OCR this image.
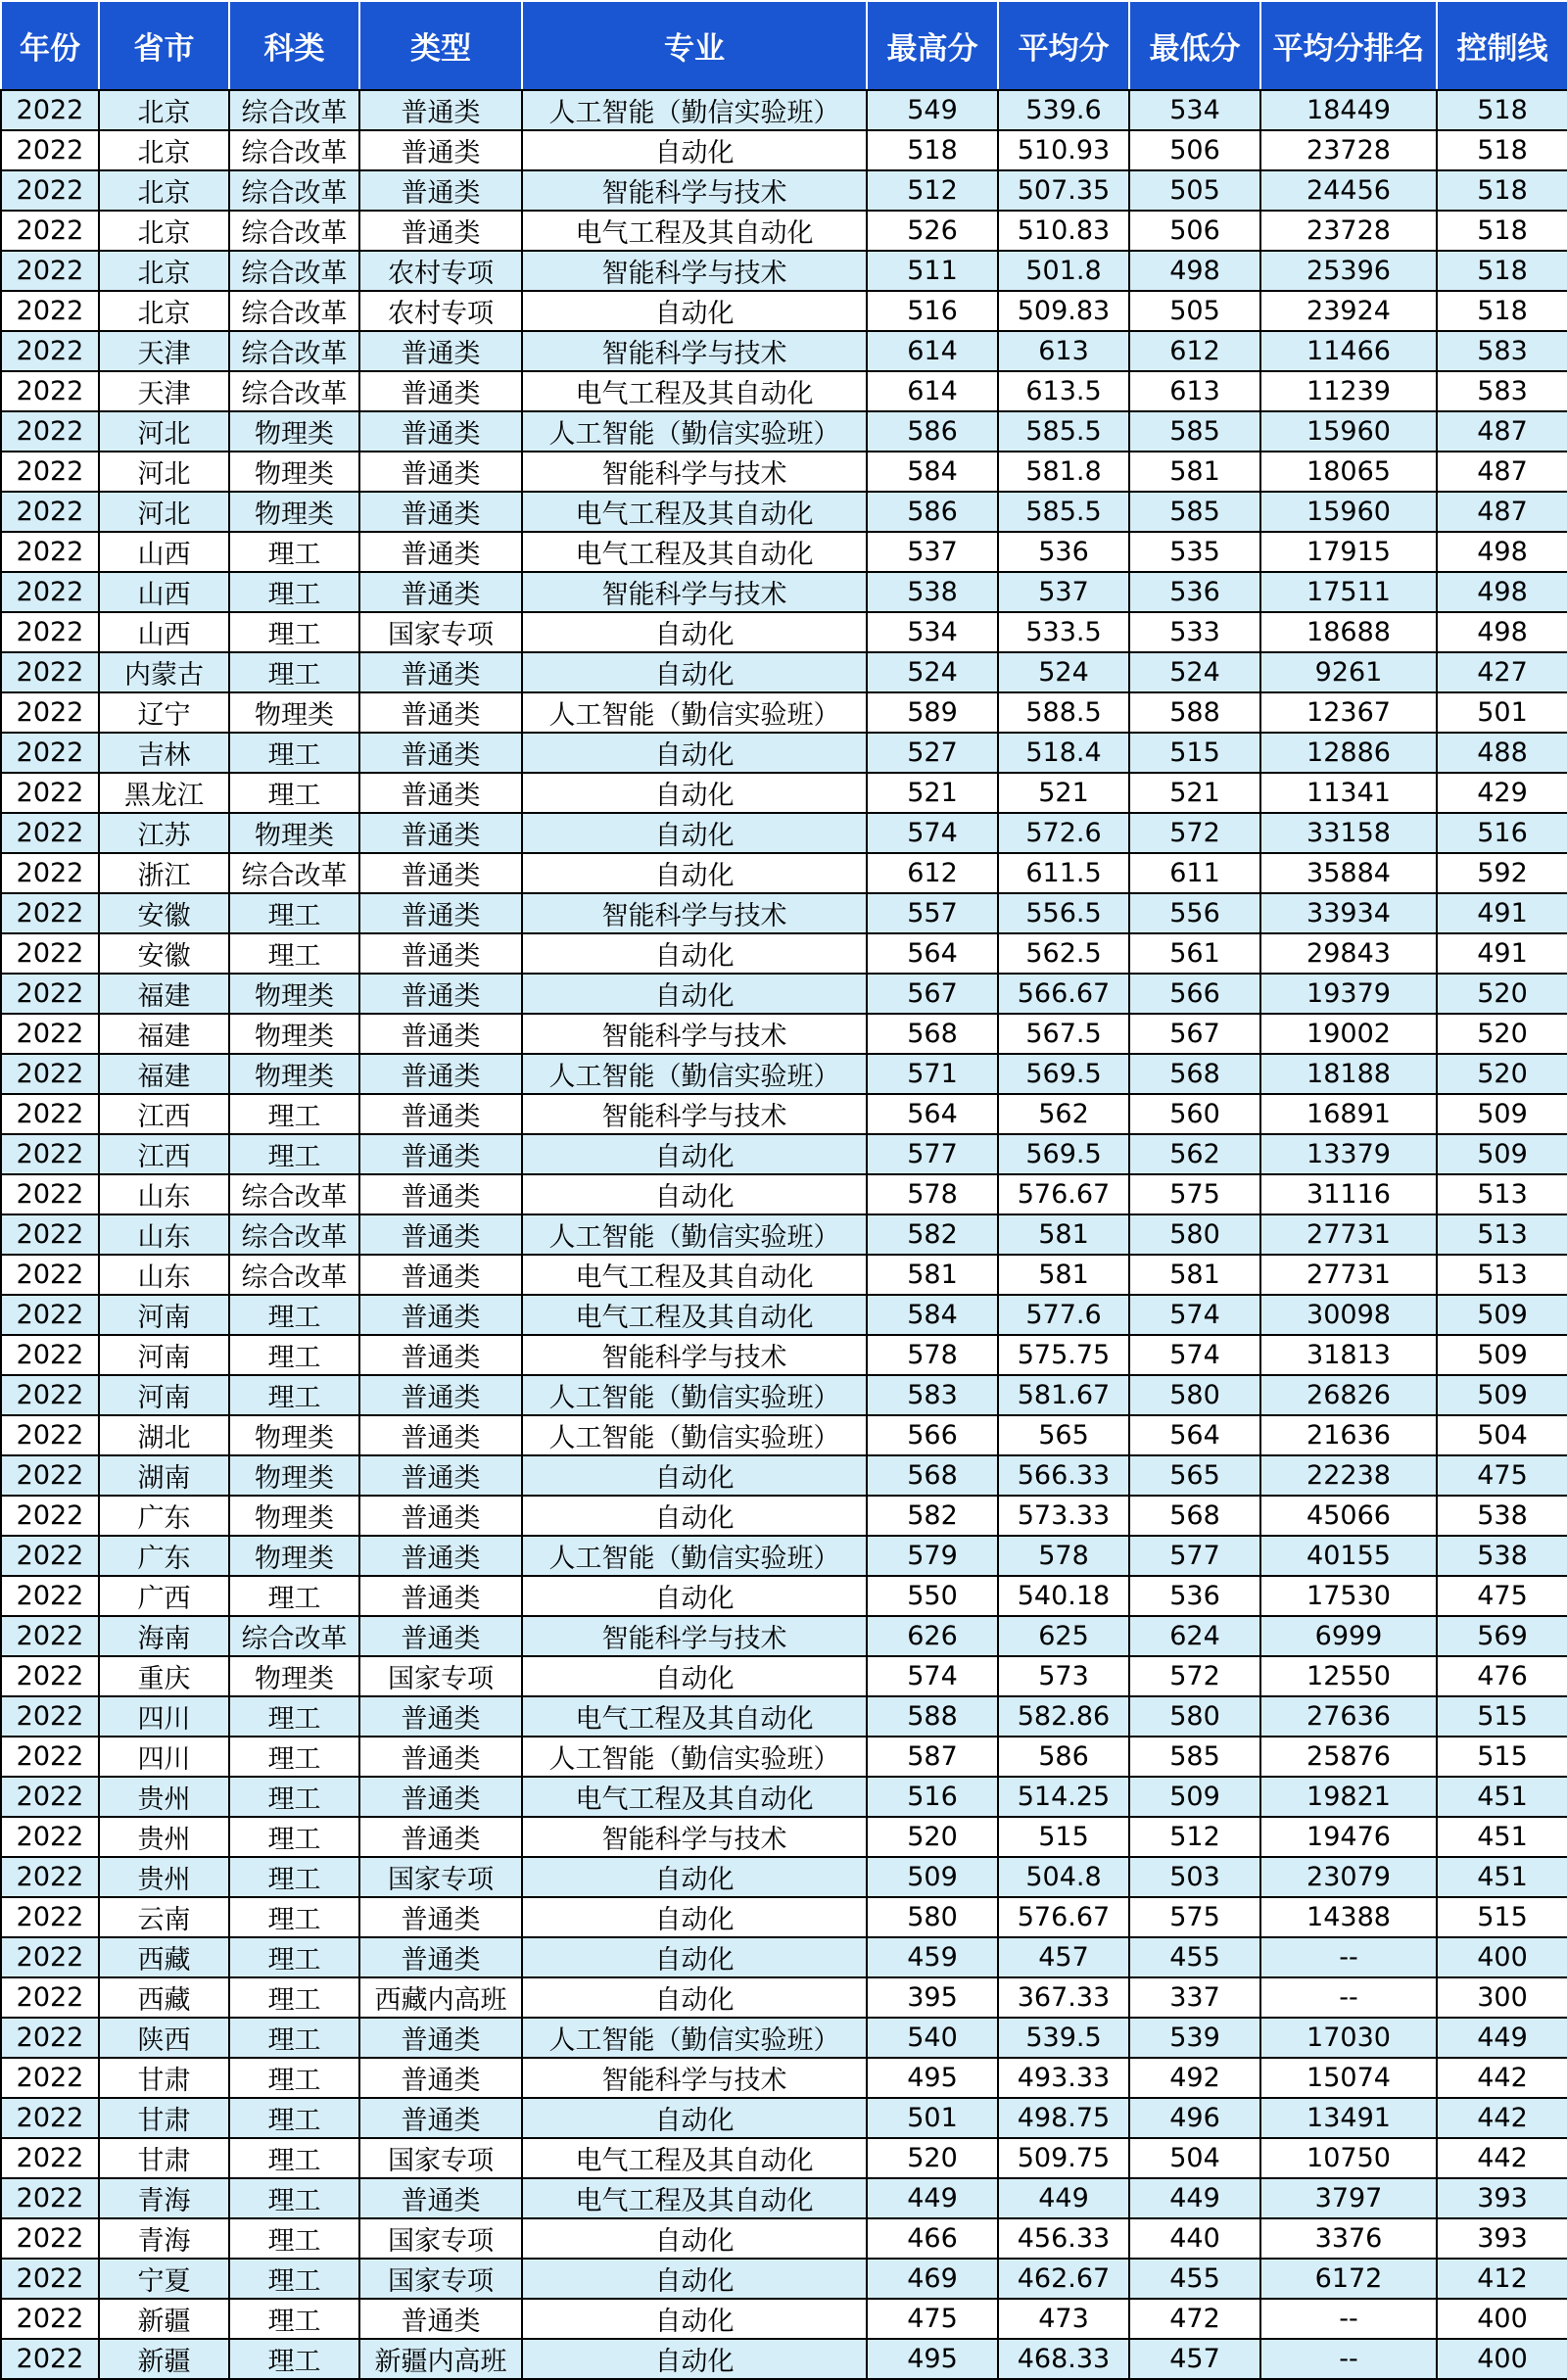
年份	省市	科类	类型	专业	最高分	平均分	最低分	平均分排名	控制线
2022	北京	综合改革	普通类	人工智能（勤信实验班）	549	539.6	534	18449	518
2022	北京	综合改革	普通类	自动化	518	510.93	506	23728	518
2022	北京	综合改革	普通类	智能科学与技术	512	507.35	505	24456	518
2022	北京	综合改革	普通类	电气工程及其自动化	526	510.83	506	23728	518
2022	北京	综合改革	农村专项	智能科学与技术	511	501.8	498	25396	518
2022	北京	综合改革	农村专项	自动化	516	509.83	505	23924	518
2022	天津	综合改革	普通类	智能科学与技术	614	613	612	11466	583
2022	天津	综合改革	普通类	电气工程及其自动化	614	613.5	613	11239	583
2022	河北	物理类	普通类	人工智能（勤信实验班）	586	585.5	585	15960	487
2022	河北	物理类	普通类	智能科学与技术	584	581.8	581	18065	487
2022	河北	物理类	普通类	电气工程及其自动化	586	585.5	585	15960	487
2022	山西	理工	普通类	电气工程及其自动化	537	536	535	17915	498
2022	山西	理工	普通类	智能科学与技术	538	537	536	17511	498
2022	山西	理工	国家专项	自动化	534	533.5	533	18688	498
2022	内蒙古	理工	普通类	自动化	524	524	524	9261	427
2022	辽宁	物理类	普通类	人工智能（勤信实验班）	589	588.5	588	12367	501
2022	吉林	理工	普通类	自动化	527	518.4	515	12886	488
2022	黑龙江	理工	普通类	自动化	521	521	521	11341	429
2022	江苏	物理类	普通类	自动化	574	572.6	572	33158	516
2022	浙江	综合改革	普通类	自动化	612	611.5	611	35884	592
2022	安徽	理工	普通类	智能科学与技术	557	556.5	556	33934	491
2022	安徽	理工	普通类	自动化	564	562.5	561	29843	491
2022	福建	物理类	普通类	自动化	567	566.67	566	19379	520
2022	福建	物理类	普通类	智能科学与技术	568	567.5	567	19002	520
2022	福建	物理类	普通类	人工智能（勤信实验班）	571	569.5	568	18188	520
2022	江西	理工	普通类	智能科学与技术	564	562	560	16891	509
2022	江西	理工	普通类	自动化	577	569.5	562	13379	509
2022	山东	综合改革	普通类	自动化	578	576.67	575	31116	513
2022	山东	综合改革	普通类	人工智能（勤信实验班）	582	581	580	27731	513
2022	山东	综合改革	普通类	电气工程及其自动化	581	581	581	27731	513
2022	河南	理工	普通类	电气工程及其自动化	584	577.6	574	30098	509
2022	河南	理工	普通类	智能科学与技术	578	575.75	574	31813	509
2022	河南	理工	普通类	人工智能（勤信实验班）	583	581.67	580	26826	509
2022	湖北	物理类	普通类	人工智能（勤信实验班）	566	565	564	21636	504
2022	湖南	物理类	普通类	自动化	568	566.33	565	22238	475
2022	广东	物理类	普通类	自动化	582	573.33	568	45066	538
2022	广东	物理类	普通类	人工智能（勤信实验班）	579	578	577	40155	538
2022	广西	理工	普通类	自动化	550	540.18	536	17530	475
2022	海南	综合改革	普通类	智能科学与技术	626	625	624	6999	569
2022	重庆	物理类	国家专项	自动化	574	573	572	12550	476
2022	四川	理工	普通类	电气工程及其自动化	588	582.86	580	27636	515
2022	四川	理工	普通类	人工智能（勤信实验班）	587	586	585	25876	515
2022	贵州	理工	普通类	电气工程及其自动化	516	514.25	509	19821	451
2022	贵州	理工	普通类	智能科学与技术	520	515	512	19476	451
2022	贵州	理工	国家专项	自动化	509	504.8	503	23079	451
2022	云南	理工	普通类	自动化	580	576.67	575	14388	515
2022	西藏	理工	普通类	自动化	459	457	455	--	400
2022	西藏	理工	西藏内高班	自动化	395	367.33	337	--	300
2022	陕西	理工	普通类	人工智能（勤信实验班）	540	539.5	539	17030	449
2022	甘肃	理工	普通类	智能科学与技术	495	493.33	492	15074	442
2022	甘肃	理工	普通类	自动化	501	498.75	496	13491	442
2022	甘肃	理工	国家专项	电气工程及其自动化	520	509.75	504	10750	442
2022	青海	理工	普通类	电气工程及其自动化	449	449	449	3797	393
2022	青海	理工	国家专项	自动化	466	456.33	440	3376	393
2022	宁夏	理工	国家专项	自动化	469	462.67	455	6172	412
2022	新疆	理工	普通类	自动化	475	473	472	--	400
2022	新疆	理工	新疆内高班	自动化	495	468.33	457	--	400
